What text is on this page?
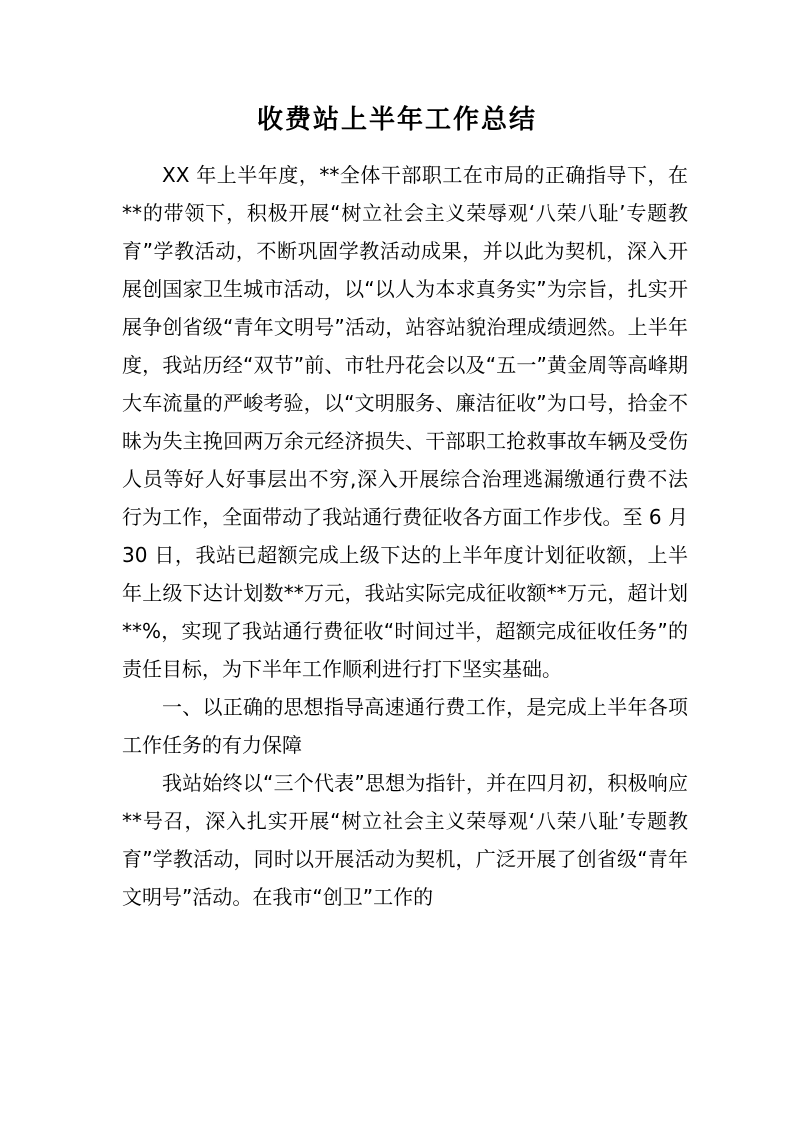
收费站上半年工作总结

XX 年上半年度，**全体干部职工在市局的正确指导下，在**的带领下，积极开展“树立社会主义荣辱观‘八荣八耻’专题教育”学教活动，不断巩固学教活动成果，并以此为契机，深入开展创国家卫生城市活动，以“以人为本求真务实”为宗旨，扎实开展争创省级“青年文明号”活动，站容站貌治理成绩迥然。上半年度，我站历经“双节”前、市牡丹花会以及“五一”黄金周等高峰期大车流量的严峻考验，以“文明服务、廉洁征收”为口号，拾金不昧为失主挽回两万余元经济损失、干部职工抢救事故车辆及受伤人员等好人好事层出不穷,深入开展综合治理逃漏缴通行费不法行为工作，全面带动了我站通行费征收各方面工作步伐。至 6 月 30 日，我站已超额完成上级下达的上半年度计划征收额，上半年上级下达计划数**万元，我站实际完成征收额**万元，超计划**%，实现了我站通行费征收“时间过半，超额完成征收任务”的责任目标，为下半年工作顺利进行打下坚实基础。

一、以正确的思想指导高速通行费工作，是完成上半年各项工作任务的有力保障

我站始终以“三个代表”思想为指针，并在四月初，积极响应**号召，深入扎实开展“树立社会主义荣辱观‘八荣八耻’专题教育”学教活动，同时以开展活动为契机，广泛开展了创省级“青年文明号”活动。在我市“创卫”工作的
